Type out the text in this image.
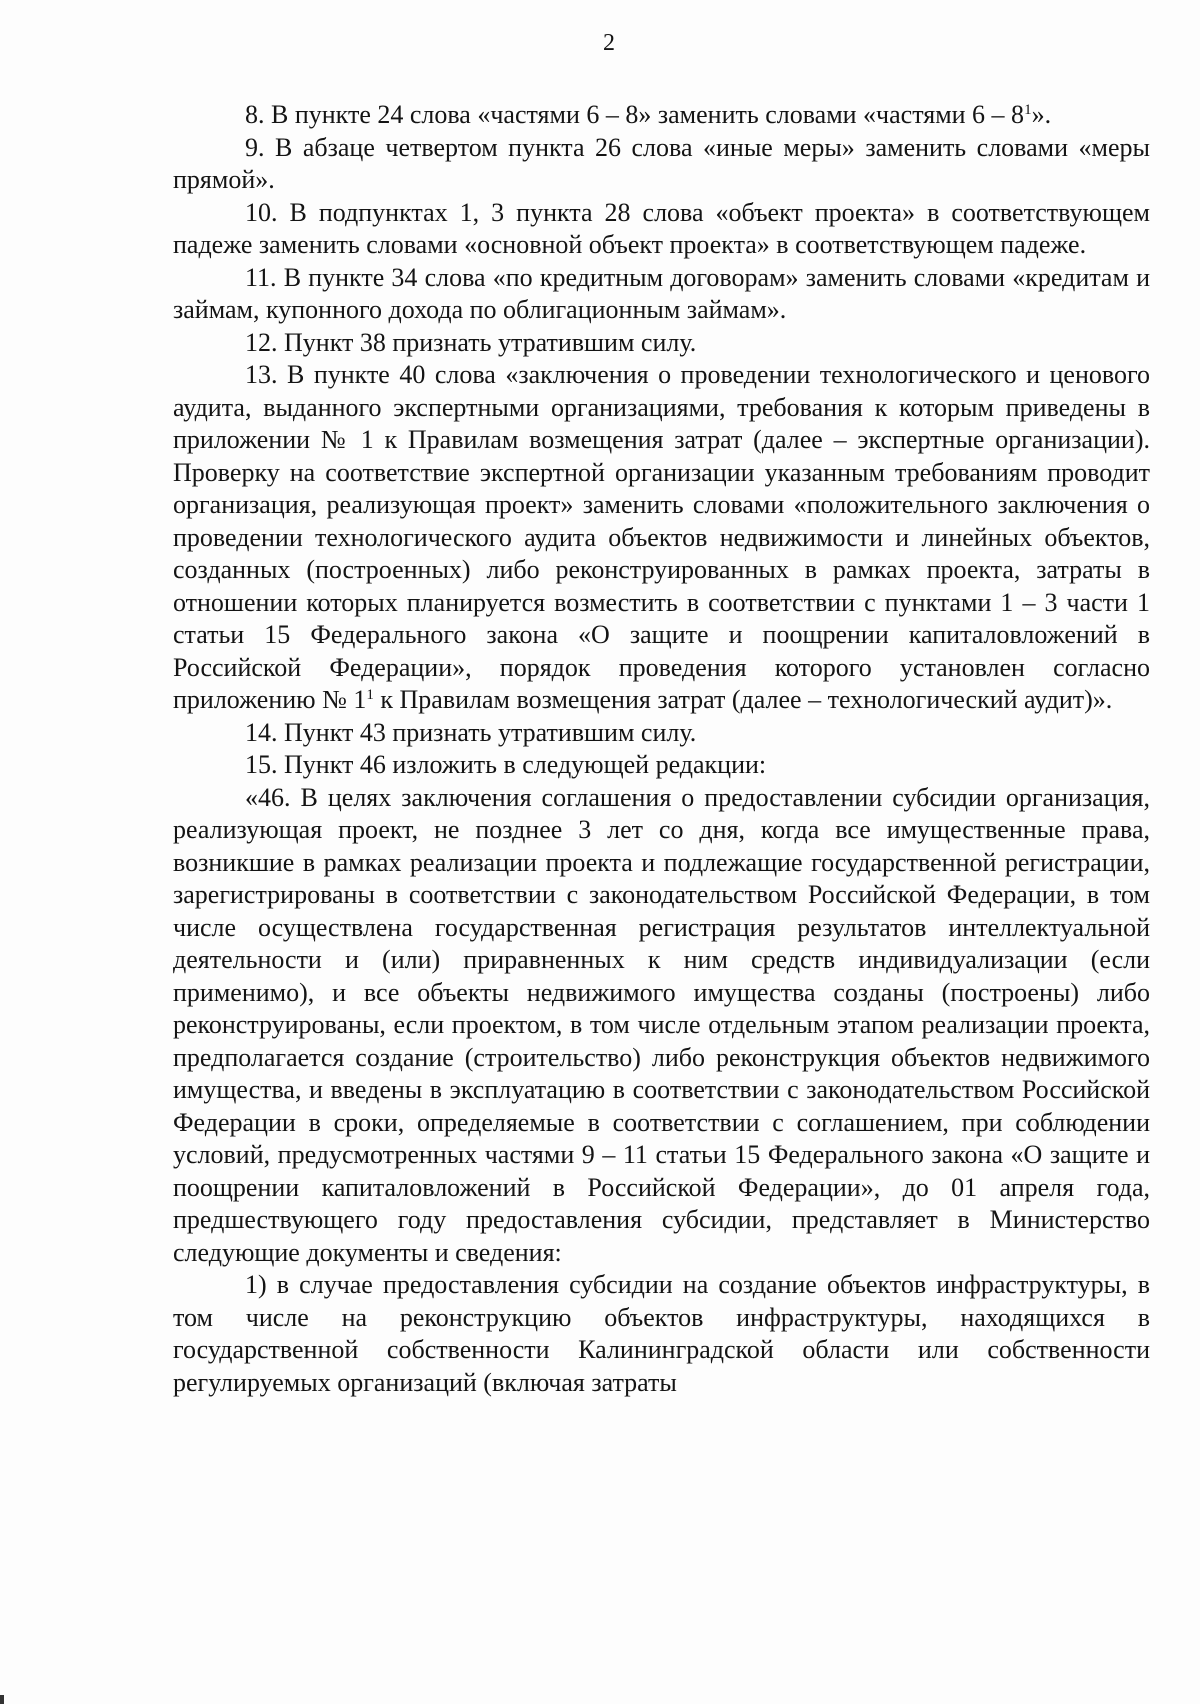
2

8. В пункте 24 слова «частями 6 – 8» заменить словами «частями $6 - 8^1$».

9. В абзаце четвертом пункта 26 слова «иные меры» заменить словами «меры прямой».

10. В подпунктах 1, 3 пункта 28 слова «объект проекта» в соответствующем падеже заменить словами «основной объект проекта» в соответствующем падеже.

11. В пункте 34 слова «по кредитным договорам» заменить словами «кредитам и займам, купонного дохода по облигационным займам».

12. Пункт 38 признать утратившим силу.

13. В пункте 40 слова «заключения о проведении технологического и ценового аудита, выданного экспертными организациями, требования к которым приведены в приложении № 1 к Правилам возмещения затрат (далее – экспертные организации). Проверку на соответствие экспертной организации указанным требованиям проводит организация, реализующая проект» заменить словами «положительного заключения о проведении технологического аудита объектов недвижимости и линейных объектов, созданных (построенных) либо реконструированных в рамках проекта, затраты в отношении которых планируется возместить в соответствии с пунктами 1 – 3 части 1 статьи 15 Федерального закона «О защите и поощрении капиталовложений в Российской Федерации», порядок проведения которого установлен согласно приложению № $1^1$ к Правилам возмещения затрат (далее – технологический аудит)».

14. Пункт 43 признать утратившим силу.

15. Пункт 46 изложить в следующей редакции:

«46. В целях заключения соглашения о предоставлении субсидии организация, реализующая проект, не позднее 3 лет со дня, когда все имущественные права, возникшие в рамках реализации проекта и подлежащие государственной регистрации, зарегистрированы в соответствии с законодательством Российской Федерации, в том числе осуществлена государственная регистрация результатов интеллектуальной деятельности и (или) приравненных к ним средств индивидуализации (если применимо), и все объекты недвижимого имущества созданы (построены) либо реконструированы, если проектом, в том числе отдельным этапом реализации проекта, предполагается создание (строительство) либо реконструкция объектов недвижимого имущества, и введены в эксплуатацию в соответствии с законодательством Российской Федерации в сроки, определяемые в соответствии с соглашением, при соблюдении условий, предусмотренных частями 9 – 11 статьи 15 Федерального закона «О защите и поощрении капиталовложений в Российской Федерации», до 01 апреля года, предшествующего году предоставления субсидии, представляет в Министерство следующие документы и сведения:

1) в случае предоставления субсидии на создание объектов инфраструктуры, в том числе на реконструкцию объектов инфраструктуры, находящихся в государственной собственности Калининградской области или собственности регулируемых организаций (включая затраты
